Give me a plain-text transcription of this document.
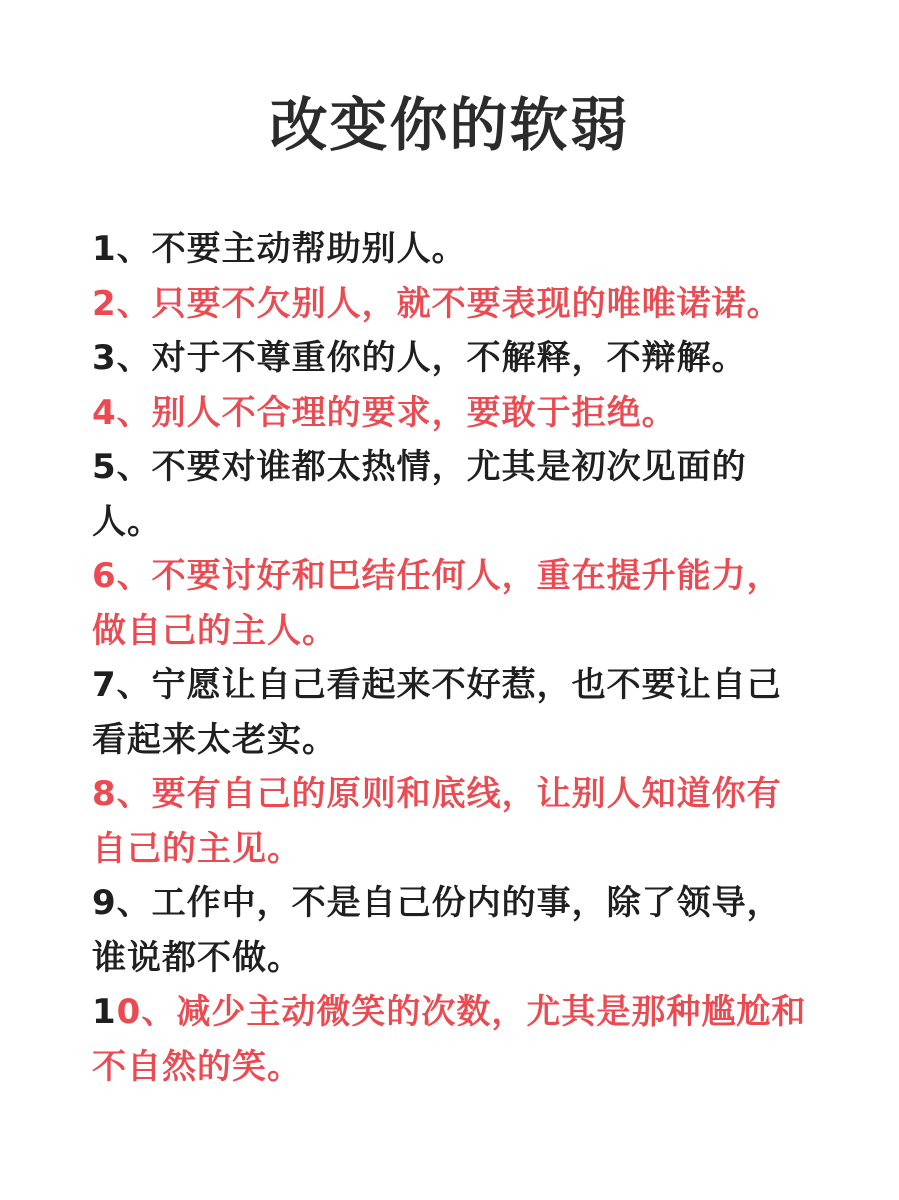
改变你的软弱
1、不要主动帮助别人。
2、只要不欠别人，就不要表现的唯唯诺诺。
3、对于不尊重你的人，不解释，不辩解。
4、别人不合理的要求，要敢于拒绝。
5、不要对谁都太热情，尤其是初次见面的人。
6、不要讨好和巴结任何人，重在提升能力，做自己的主人。
7、宁愿让自己看起来不好惹，也不要让自己看起来太老实。
8、要有自己的原则和底线，让别人知道你有自己的主见。
9、工作中，不是自己份内的事，除了领导，谁说都不做。
10、减少主动微笑的次数，尤其是那种尴尬和不自然的笑。
